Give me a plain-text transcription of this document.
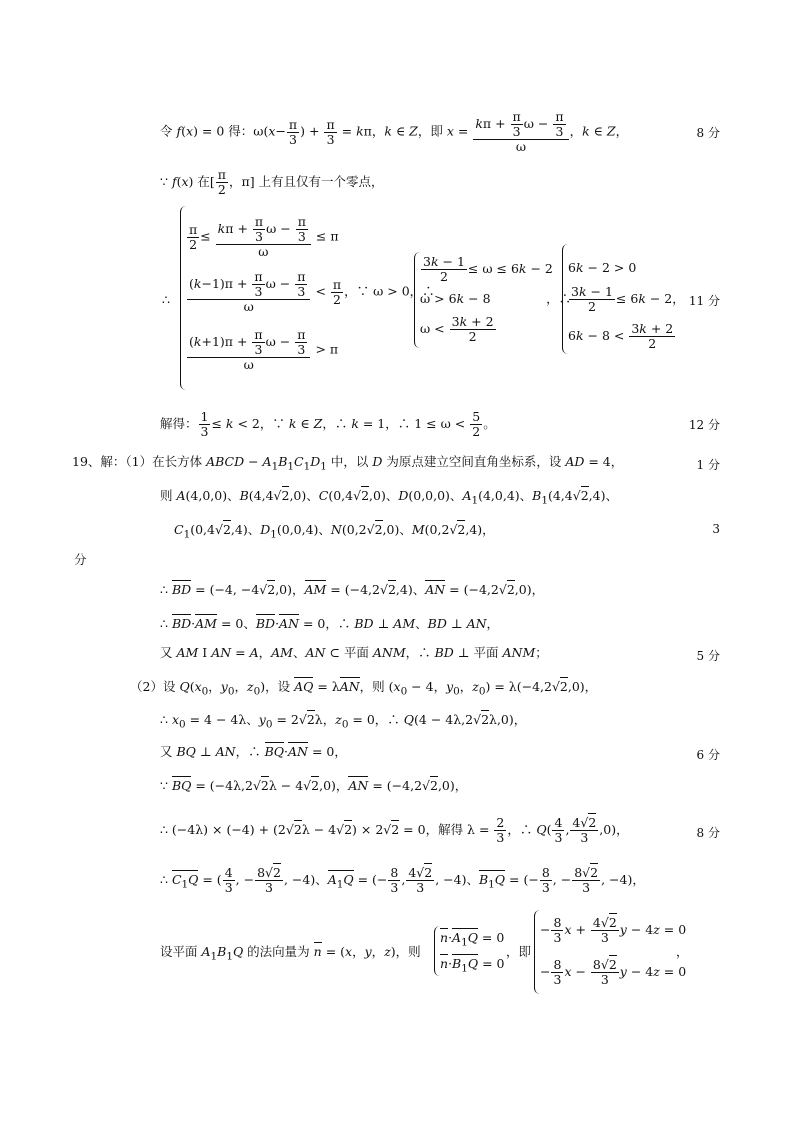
令 f(x) = 0 得：$\omega(x- \frac{\pi}{3}$ ) + $\frac{\pi}{3} = k\pi$，k ∈ Z，即 $x = \frac{k\pi + \frac{\pi}{3} \omega - \frac{\pi}{3}}{\omega}$ ，k ∈ Z，	8 分
∵ f(x) 在[ $\frac{\pi}{2}$ ，π] 上有且仅有一个零点，
∴
$\frac{\pi}{2} \le \frac{k\pi + \frac{\pi}{3} \omega - \frac{\pi}{3}}{\omega} \le \pi$
$\frac{(k-1)\pi + \frac{\pi}{3} \omega - \frac{\pi}{3}}{\omega} < \frac{\pi}{2}$ ，∵ ω > 0，∴
$\frac{(k+1)\pi + \frac{\pi}{3} \omega - \frac{\pi}{3}}{\omega} > \pi$
$\frac{3k - 1}{2} \le \omega \le 6k - 2$
ω > 6k − 8              ，∴
$\omega < \frac{3k + 2}{2}$
6k − 2 > 0
$\frac{3k - 1}{2} \le 6k - 2$，
$6k - 8 < \frac{3k + 2}{2}$
11 分
解得： $\frac{1}{3} \le k < 2$，∵ k ∈ Z，∴ k = 1，∴ $1 \le \omega < \frac{5}{2}$ 。	12 分
19、解：（1）在长方体 ABCD − $A_1B_1C_1D_1$ 中，以 D 为原点建立空间直角坐标系，设 AD = 4，	1 分
则 A(4,0,0)、B(4,4√2,0)、C(0,4√2,0)、D(0,0,0)、$A_1(4,0,4)$、$B_1(4,4√2,4)$、
$C_1(0,4√2,4)$、$D_1(0,0,4)$、N(0,2√2,0)、M(0,2√2,4)，	3
分
∴ BD = (−4, −4√2,0)，AM = (−4,2√2,4)、AN = (−4,2√2,0)，
∴ BD·AM = 0、BD·AN = 0，∴ BD ⊥ AM、BD ⊥ AN，
又 AM I AN = A，AM、AN ⊂ 平面 ANM，∴ BD ⊥ 平面 ANM；	5 分
（2）设 $Q(x_0$，$y_0$，$z_0$)，设 AQ = λAN，则 ($x_0 - 4$，$y_0$，$z_0) = \lambda(-4,2√2,0)$，
∴ $x_0 = 4 - 4\lambda$、$y_0 = 2√2\lambda$，$z_0 = 0$，∴ Q(4 − 4λ,2√2λ,0)，
又 BQ ⊥ AN，∴ BQ·AN = 0，	6 分
∵ BQ = (−4λ,2√2λ − 4√2,0)，AN = (−4,2√2,0)，
∴ (−4λ) × (−4) + (2√2λ − 4√2) × 2√2 = 0，解得 $\lambda = \frac{2}{3}$ ，∴ $Q( \frac{4}{3}$ , $\frac{4√2}{3} ,0$)，	8 分
∴ $C_1Q$ = ( $\frac{4}{3}$ , − $\frac{8√2}{3}$ , −4)、$A_1Q$ = (− $\frac{8}{3}$ , $\frac{4√2}{3}$ , −4)、$B_1Q$ = (− $\frac{8}{3}$ , − $\frac{8√2}{3}$ , −4)，
设平面 $A_1B_1Q$ 的法向量为 n = (x，y，z)，则
$n\cdot A_1Q = 0$
$n\cdot B_1Q = 0$
，即
− $\frac{8}{3}$ $x + \frac{4√2}{3}$ y − 4z = 0
− $\frac{8}{3}$ $x - \frac{8√2}{3}$ y − 4z = 0
，
